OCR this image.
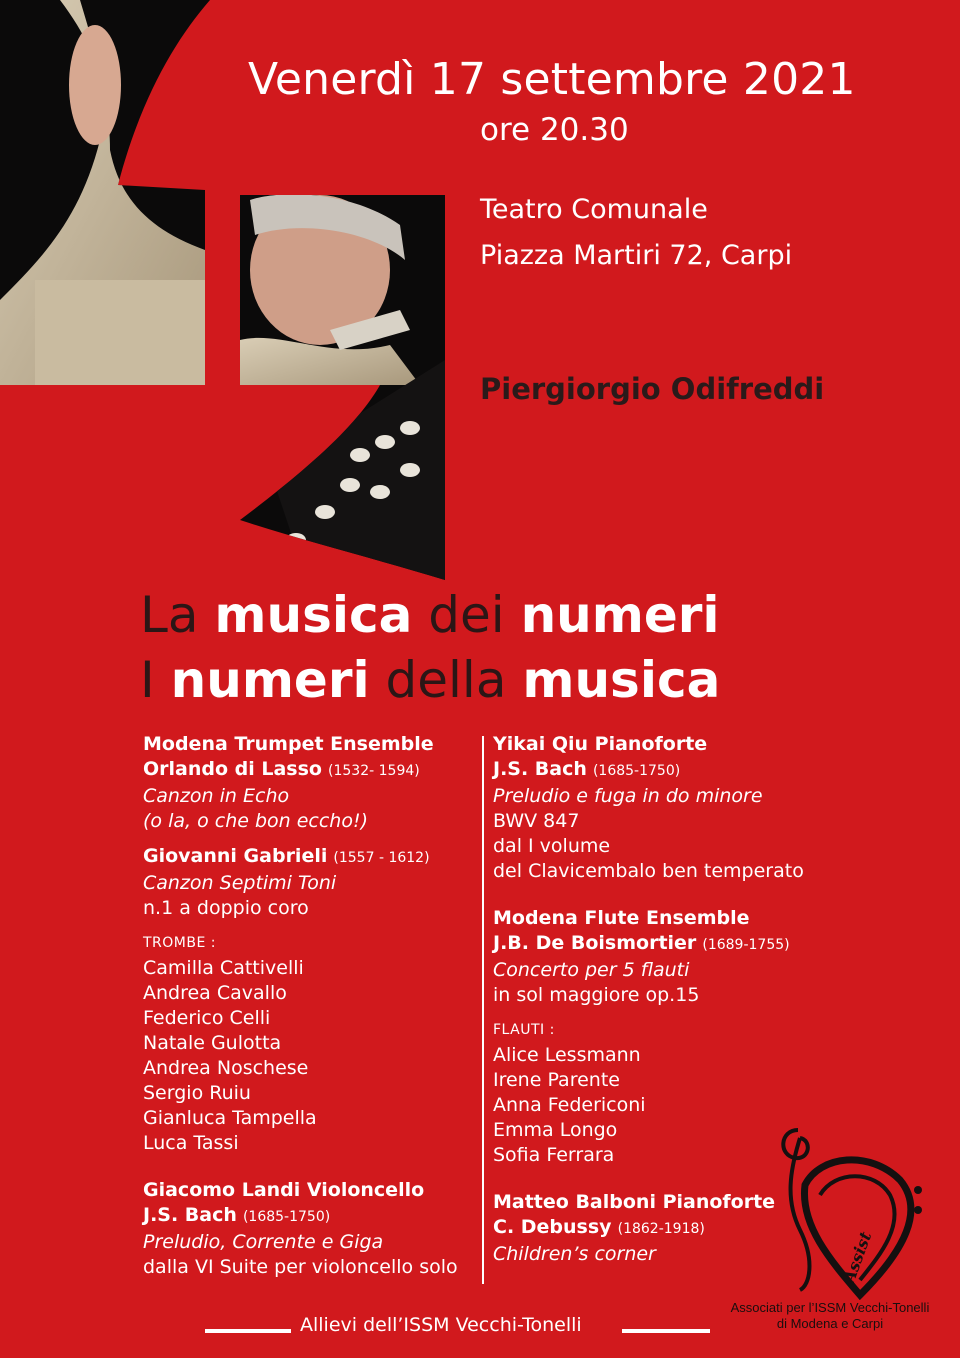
Venerdì 17 settembre 2021
ore 20.30
Teatro Comunale
Piazza Martiri 72, Carpi
Piergiorgio Odifreddi
La musica dei numeri
I numeri della musica
Modena Trumpet Ensemble
Orlando di Lasso (1532- 1594)
Canzon in Echo
(o la, o che bon eccho!)
Giovanni Gabrieli (1557 - 1612)
Canzon Septimi Toni
n.1 a doppio coro
TROMBE :
Camilla Cattivelli
Andrea Cavallo
Federico Celli
Natale Gulotta
Andrea Noschese
Sergio Ruiu
Gianluca Tampella
Luca Tassi
Giacomo Landi Violoncello
J.S. Bach (1685-1750)
Preludio, Corrente e Giga
dalla VI Suite per violoncello solo
Yikai Qiu Pianoforte
J.S. Bach (1685-1750)
Preludio e fuga in do minore
BWV 847
dal I volume
del Clavicembalo ben temperato
Modena Flute Ensemble
J.B. De Boismortier (1689-1755)
Concerto per 5 flauti
in sol maggiore op.15
FLAUTI :
Alice Lessmann
Irene Parente
Anna Federiconi
Emma Longo
Sofia Ferrara
Matteo Balboni Pianoforte
C. Debussy (1862-1918)
Children’s corner	Assist
Associati per l’ISSM Vecchi-Tonelli
di Modena e Carpi
Allievi dell’ISSM Vecchi-Tonelli
